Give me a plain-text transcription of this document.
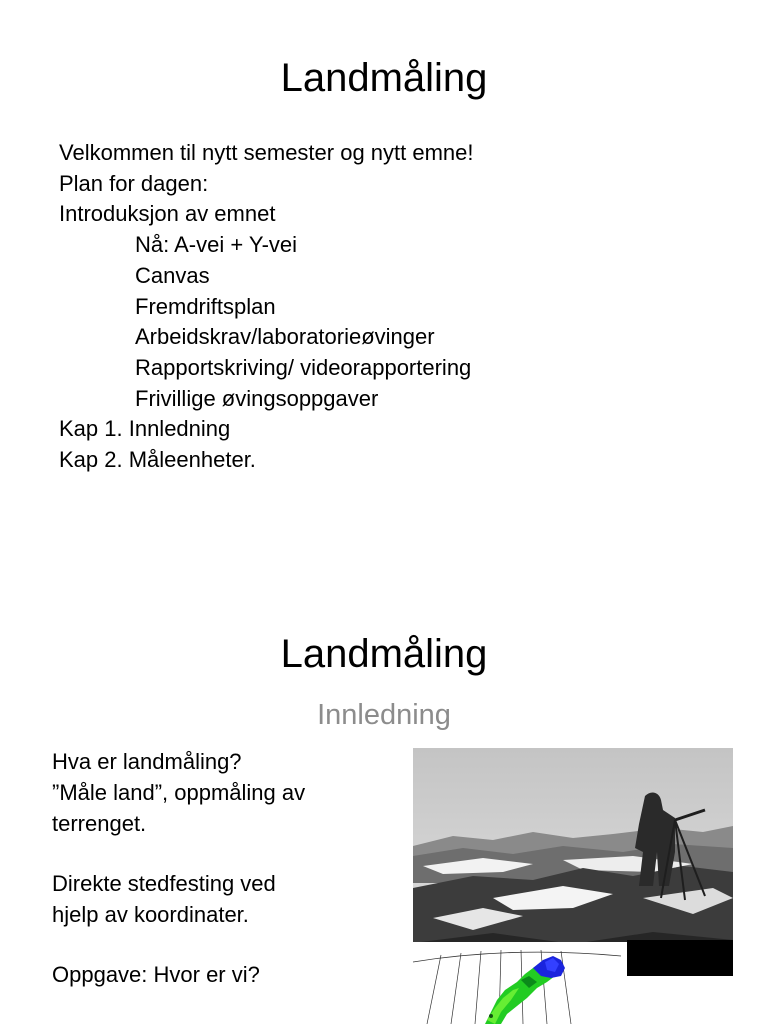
Landmåling
Velkommen til nytt semester og nytt emne!
Plan for dagen:
Introduksjon av emnet
Nå: A-vei + Y-vei
Canvas
Fremdriftsplan
Arbeidskrav/laboratorieøvinger
Rapportskriving/ videorapportering
Frivillige øvingsoppgaver
Kap 1. Innledning
Kap 2. Måleenheter.
Landmåling
Innledning
Hva er landmåling?
”Måle land”, oppmåling av
terrenget.
Direkte stedfesting ved
hjelp av koordinater.
Oppgave: Hvor er vi?
